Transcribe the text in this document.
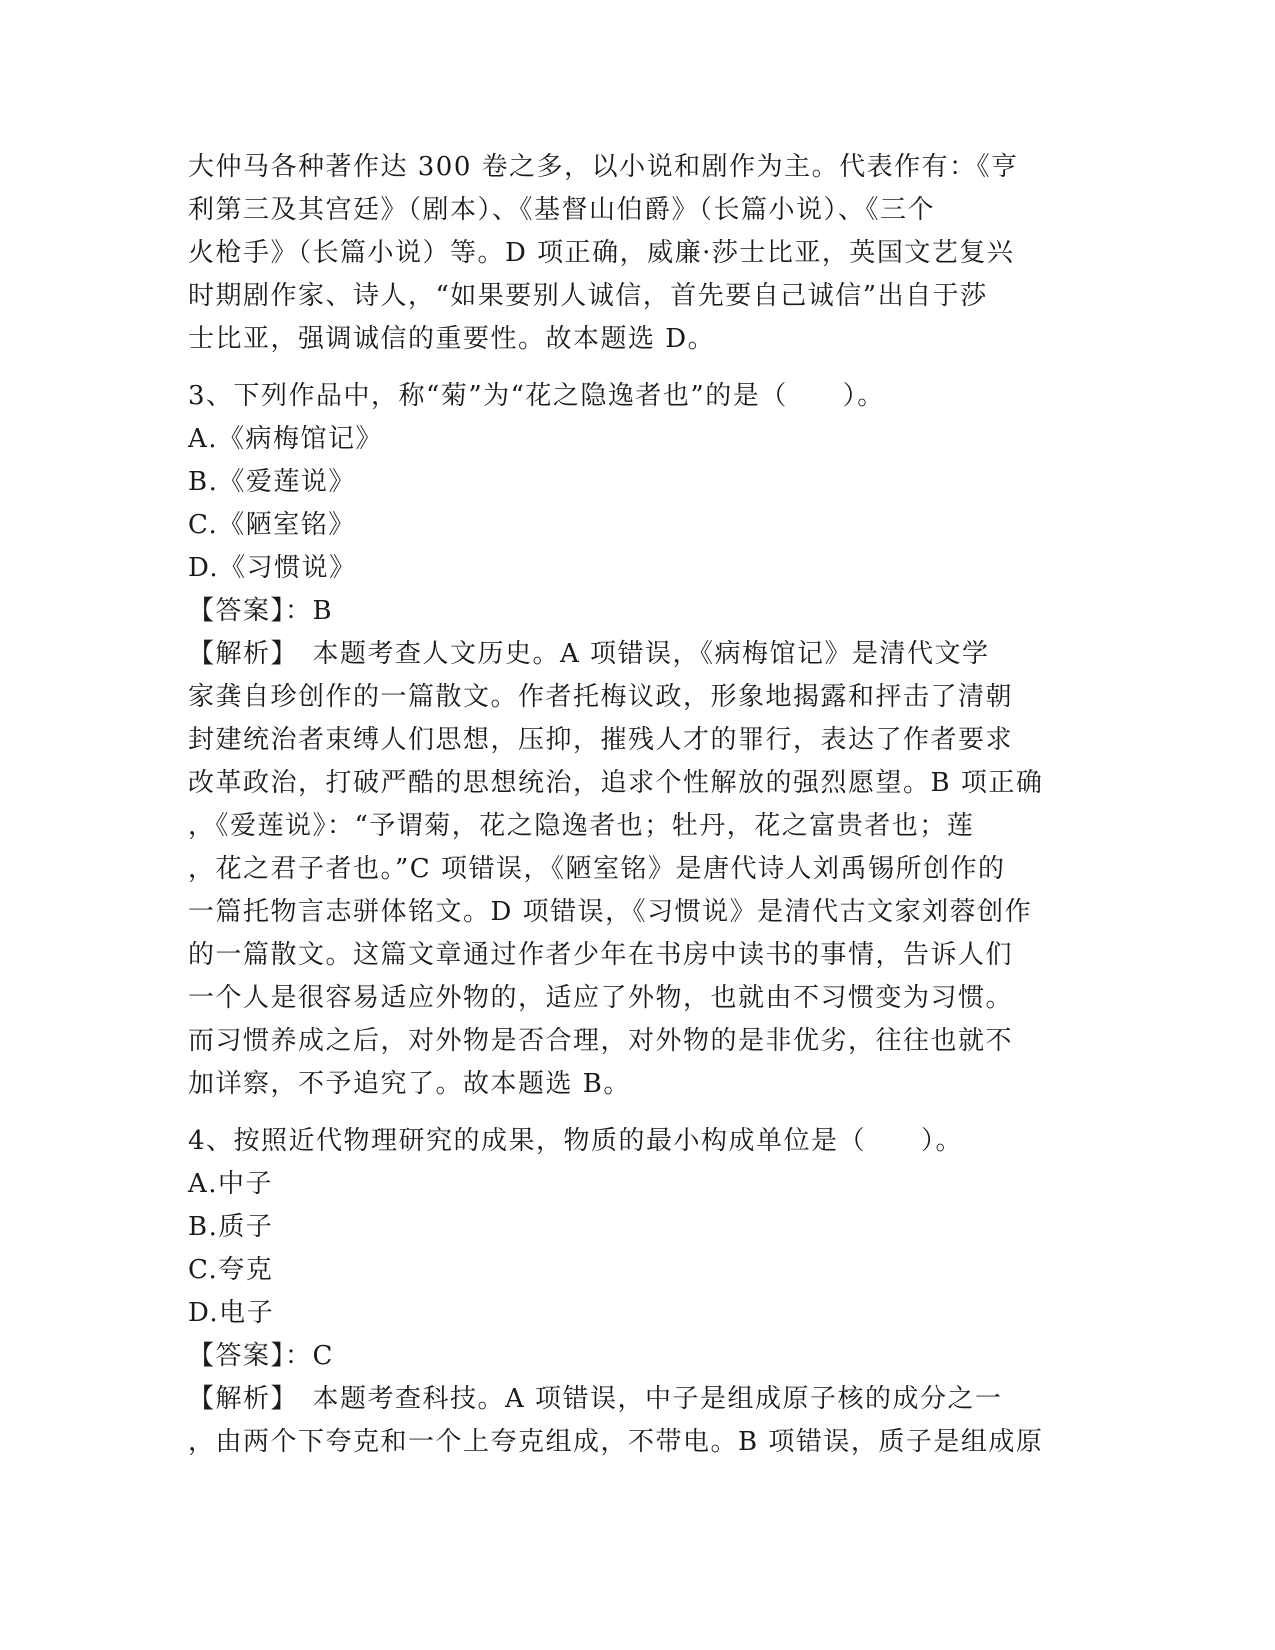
大仲马各种著作达 300 卷之多，以小说和剧作为主。代表作有：《亨
利第三及其宫廷》（剧本）、《基督山伯爵》（长篇小说）、《三个
火枪手》（长篇小说）等。D 项正确，威廉·莎士比亚，英国文艺复兴
时期剧作家、诗人，“如果要别人诚信，首先要自己诚信”出自于莎
士比亚，强调诚信的重要性。故本题选 D。
3、下列作品中，称“菊”为“花之隐逸者也”的是（　　）。
A.《病梅馆记》
B.《爱莲说》
C.《陋室铭》
D.《习惯说》
【答案】：B
【解析】　本题考查人文历史。A 项错误，《病梅馆记》是清代文学
家龚自珍创作的一篇散文。作者托梅议政，形象地揭露和抨击了清朝
封建统治者束缚人们思想，压抑，摧残人才的罪行，表达了作者要求
改革政治，打破严酷的思想统治，追求个性解放的强烈愿望。B 项正确
，《爱莲说》：“予谓菊，花之隐逸者也；牡丹，花之富贵者也；莲
，花之君子者也。”C 项错误，《陋室铭》是唐代诗人刘禹锡所创作的
一篇托物言志骈体铭文。D 项错误，《习惯说》是清代古文家刘蓉创作
的一篇散文。这篇文章通过作者少年在书房中读书的事情，告诉人们
一个人是很容易适应外物的，适应了外物，也就由不习惯变为习惯。
而习惯养成之后，对外物是否合理，对外物的是非优劣，往往也就不
加详察，不予追究了。故本题选 B。
4、按照近代物理研究的成果，物质的最小构成单位是（　　）。
A.中子
B.质子
C.夸克
D.电子
【答案】：C
【解析】　本题考查科技。A 项错误，中子是组成原子核的成分之一
，由两个下夸克和一个上夸克组成，不带电。B 项错误，质子是组成原
